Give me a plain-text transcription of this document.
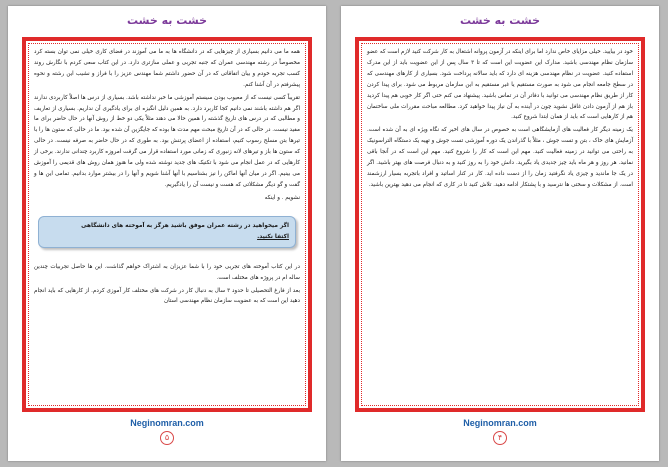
خشت به خشت

همه ما می دانیم بسیاری از چیزهایی که در دانشگاه ها به ما می آموزند در فضای کاری خیلی نمی توان بسته کرد مخصوصاً در رشته مهندسی عمران که جنبه تجربی و عملی سازتری دارد. در این کتاب سعی کردم با نگارش روند کسب تجربه خودم و بیان اتفاقاتی که در آن حضور داشتم شما مهندس عزیز را با فراز و نشیب این رشته و نحوه پیشرفتم در آن آشنا کنم.

تقریباً کسی نیست که از معیوب بودن سیستم آموزشی ما خبر نداشته باشد. بسیاری از درس ها اصلاً کاربردی ندارند اگر هم داشته باشند نمی دانیم کجا کاربرد دارد. به همین دلیل انگیزه ای برای یادگیری آن نداریم. بسیاری از تعاریف و مطالبی که در درس های تاریخ گذشته را همین حالا می دهند مثلاً یکی دو خط از روش آنها در حال حاضر برای ما مفید نیست. در حالی که در آن تاریخ مبحث مهم مدت ها بوده که جایگزین آن شده بود. ما در حالی که ستون ها را با تیرها بتن مسلح رسوب کنیم، استفاده از اعضای پرتنش بود. به طوری که در حال حاضر به صرفه نیست. در حالی که ستون ها باز و تیرهای لانه زنبوری که زمانی مورد استفاده قرار می گرفت امروزه کاربرد چندانی ندارند. برخی از کارهایی که در عمل انجام می شود با تکنیک های جدید نوشته شده ولی ما هنوز همان روش های قدیمی را آموزش می بینیم. اگر در میان آنها اماکن را نیز بشناسیم با آنها آشنا شویم و آنها را در بیشتر موارد بدانیم. تمامی این ها و گفت و گو دیگر مشکلاتی که هست و نیست آن را یادگیریم.

نشویم . و اینکه

اگر میخواهید در رشته عمران موفق باشید هرگز به آموخته های دانشگاهی
اکتفا نکنید.

در این کتاب آموخته های تجربی خود را با شما عزیزان به اشتراک خواهم گذاشت. این ها حاصل تجربیات چندین ساله ام در پروژه های مختلف است.

بعد از فارغ التحصیلی تا حدود ۳ سال به دنبال کار در شرکت های مختلف کار آموزی کردم. از کارهایی که باید انجام دهید این است که به عضویت سازمان نظام مهندسی استان

Neginomran.com
۵
خشت به خشت

خود در بیایید. خیلی مزایای خاص ندارد اما برای اینکه در آزمون پروانه اشتغال به کار شرکت کنید لازم است که عضو سازمان نظام مهندسی باشید. مدارک این عضویت این است که تا ۳ سال پس از این عضویت باید از این مدرک استفاده کنید. عضویت در نظام مهندسی هزینه ای دارد که باید سالانه پرداخت شود. بسیاری از کارهای مهندسی که در سطح جامعه انجام می شود به صورت مستقیم یا غیر مستقیم به این سازمان مربوط می شود. برای پیدا کردن کار از طریق نظام مهندسی می توانید با دفاتر آن در تماس باشید. پیشنهاد می کنم حتی اگر کار خوبی هم پیدا کردید باز هم از آزمون دادن غافل نشوید چون در آینده به آن نیاز پیدا خواهید کرد. مطالعه مباحث مقررات ملی ساختمان هم از کارهایی است که باید از همان ابتدا شروع کنید.

یک زمینه دیگر کار فعالیت های آزمایشگاهی است به خصوص در سال های اخیر که نگاه ویژه ای به آن شده است. آزمایش های خاک ، بتن و تست جوش ، مثلاً با گذراندن یک دوره آموزشی تست جوش و تهیه یک دستگاه التراسونیک به راحتی می توانید در زمینه فعالیت کنید. مهم این است که کار را شروع کنید. مهم این است که در آنجا باقی نمانید. هر روز و هر ماه باید چیز جدیدی یاد بگیرید. دانش خود را به روز کنید و به دنبال فرصت های بهتر باشید. اگر در یک جا ماندید و چیزی یاد نگرفتید زمان را از دست داده اید. کار در کنار اساتید و افراد باتجربه بسیار ارزشمند است. از مشکلات و سختی ها نترسید و با پشتکار ادامه دهید. تلاش کنید تا در کاری که انجام می دهید بهترین باشید.

Neginomran.com
۴
